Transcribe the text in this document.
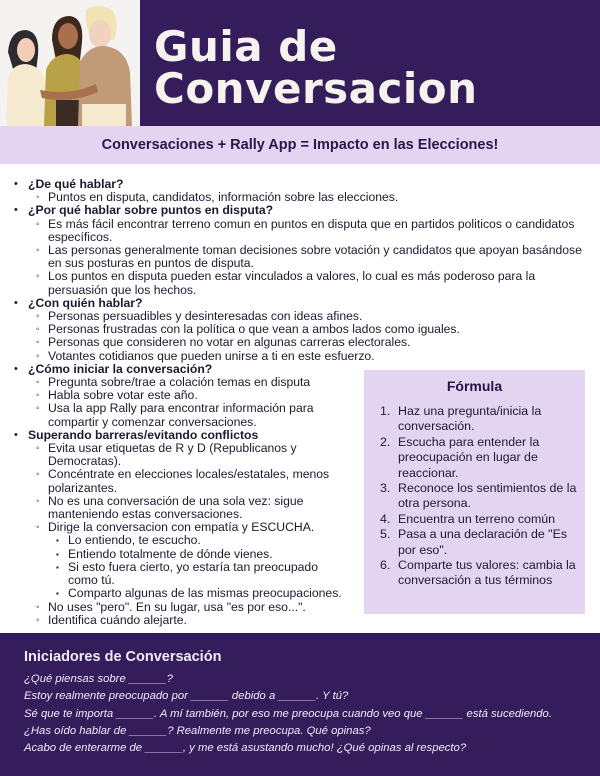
Guia de
Conversacion
Conversaciones + Rally App = Impacto en las Elecciones!
• ¿De qué hablar?
◦ Puntos en disputa, candidatos, información sobre las elecciones.
• ¿Por qué hablar sobre puntos en disputa?
◦ Es más fácil encontrar terreno comun en puntos en disputa que en partidos politicos o candidatos específicos.
◦ Las personas generalmente toman decisiones sobre votación y candidatos que apoyan basándose en sus posturas en puntos de disputa.
◦ Los puntos en disputa pueden estar vinculados a valores, lo cual es más poderoso para la persuasión que los hechos.
• ¿Con quién hablar?
◦ Personas persuadibles y desinteresadas con ideas afines.
◦ Personas frustradas con la política o que vean a ambos lados como iguales.
◦ Personas que consideren no votar en algunas carreras electorales.
◦ Votantes cotidianos que pueden unirse a ti en este esfuerzo.
• ¿Cómo iniciar la conversación?
◦ Pregunta sobre/trae a colación temas en disputa
◦ Habla sobre votar este año.
◦ Usa la app Rally para encontrar información para compartir y comenzar conversaciones.
• Superando barreras/evitando conflictos
◦ Evita usar etiquetas de R y D (Republicanos y Democratas).
◦ Concéntrate en elecciones locales/estatales, menos polarizantes.
◦ No es una conversación de una sola vez: sigue manteniendo estas conversaciones.
◦ Dirige la conversacion con empatía y ESCUCHA.
▪ Lo entiendo, te escucho.
▪ Entiendo totalmente de dónde vienes.
▪ Si esto fuera cierto, yo estaría tan preocupado como tú.
▪ Comparto algunas de las mismas preocupaciones.
◦ No uses "pero". En su lugar, usa "es por eso...".
◦ Identifica cuándo alejarte.
Fórmula
1. Haz una pregunta/inicia la conversación.
2. Escucha para entender la preocupación en lugar de reaccionar.
3. Reconoce los sentimientos de la otra persona.
4. Encuentra un terreno común
5. Pasa a una declaración de "Es por eso".
6. Comparte tus valores: cambia la conversación a tus términos
Iniciadores de Conversación
¿Qué piensas sobre ______?
Estoy realmente preocupado por ______ debido a ______. Y tú?
Sé que te importa ______. A mí también, por eso me preocupa cuando veo que ______ está sucediendo.
¿Has oído hablar de ______? Realmente me preocupa. Qué opinas?
Acabo de enterarme de ______, y me está asustando mucho! ¿Qué opinas al respecto?
